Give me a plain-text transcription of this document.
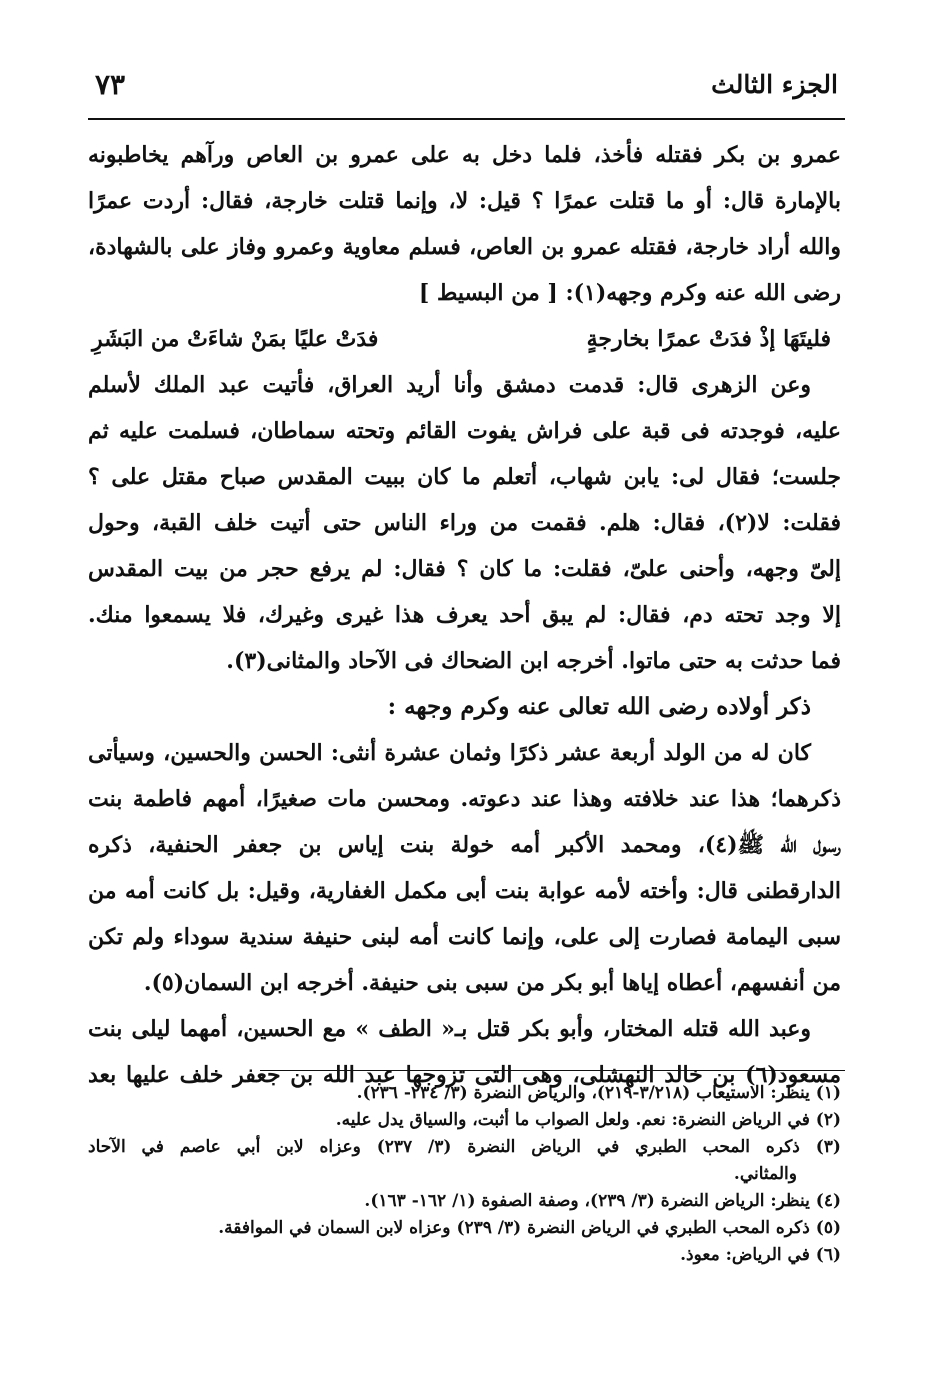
الجزء الثالث
٧٣
عمرو بن بكر فقتله فأخذ، فلما دخل به على عمرو بن العاص ورآهم يخاطبونه
بالإمارة قال: أو ما قتلت عمرًا ؟ قيل: لا، وإنما قتلت خارجة، فقال: أردت عمرًا
والله أراد خارجة، فقتله عمرو بن العاص، فسلم معاوية وعمرو وفاز على بالشهادة،
رضى الله عنه وكرم وجهه(١): [ من البسيط ]
فليتَهَا إذْ فدَتْ عمرًا بخارجةٍ
فدَتْ عليًا بمَنْ شاءَتْ من البَشَرِ
وعن الزهرى قال: قدمت دمشق وأنا أريد العراق، فأتيت عبد الملك لأسلم
عليه، فوجدته فى قبة على فراش يفوت القائم وتحته سماطان، فسلمت عليه ثم
جلست؛ فقال لى: يابن شهاب، أتعلم ما كان ببيت المقدس صباح مقتل على ؟
فقلت: لا(٢)، فقال: هلم. فقمت من وراء الناس حتى أتيت خلف القبة، وحول
إلىّ وجهه، وأحنى علىّ، فقلت: ما كان ؟ فقال: لم يرفع حجر من بيت المقدس
إلا وجد تحته دم، فقال: لم يبق أحد يعرف هذا غيرى وغيرك، فلا يسمعوا منك.
فما حدثت به حتى ماتوا. أخرجه ابن الضحاك فى الآحاد والمثانى(٣).
ذكر أولاده رضى الله تعالى عنه وكرم وجهه :
كان له من الولد أربعة عشر ذكرًا وثمان عشرة أنثى: الحسن والحسين، وسيأتى
ذكرهما؛ هذا عند خلافته وهذا عند دعوته. ومحسن مات صغيرًا، أمهم فاطمة بنت
رسول الله ﷺ(٤)، ومحمد الأكبر أمه خولة بنت إياس بن جعفر الحنفية، ذكره
الدارقطنى قال: وأخته لأمه عوابة بنت أبى مكمل الغفارية، وقيل: بل كانت أمه من
سبى اليمامة فصارت إلى على، وإنما كانت أمه لبنى حنيفة سندية سوداء ولم تكن
من أنفسهم، أعطاه إياها أبو بكر من سبى بنى حنيفة. أخرجه ابن السمان(٥).
وعبد الله قتله المختار، وأبو بكر قتل بـ« الطف » مع الحسين، أمهما ليلى بنت
مسعود(٦) بن خالد النهشلى، وهى التى تزوجها عبد الله بن جعفر خلف عليها بعد
(١) ينظر: الاستيعاب (٣/٢١٨-٢١٩)، والرياض النضرة (٣/ ٢٣٤- ٢٣٦).
(٢) في الرياض النضرة: نعم. ولعل الصواب ما أثبت، والسياق يدل عليه.
(٣) ذكره المحب الطبري في الرياض النضرة (٣/ ٢٣٧) وعزاه لابن أبي عاصم في الآحاد
والمثاني.
(٤) ينظر: الرياض النضرة (٣/ ٢٣٩)، وصفة الصفوة (١/ ١٦٢- ١٦٣).
(٥) ذكره المحب الطبري في الرياض النضرة (٣/ ٢٣٩) وعزاه لابن السمان في الموافقة.
(٦) في الرياض: معوذ.
